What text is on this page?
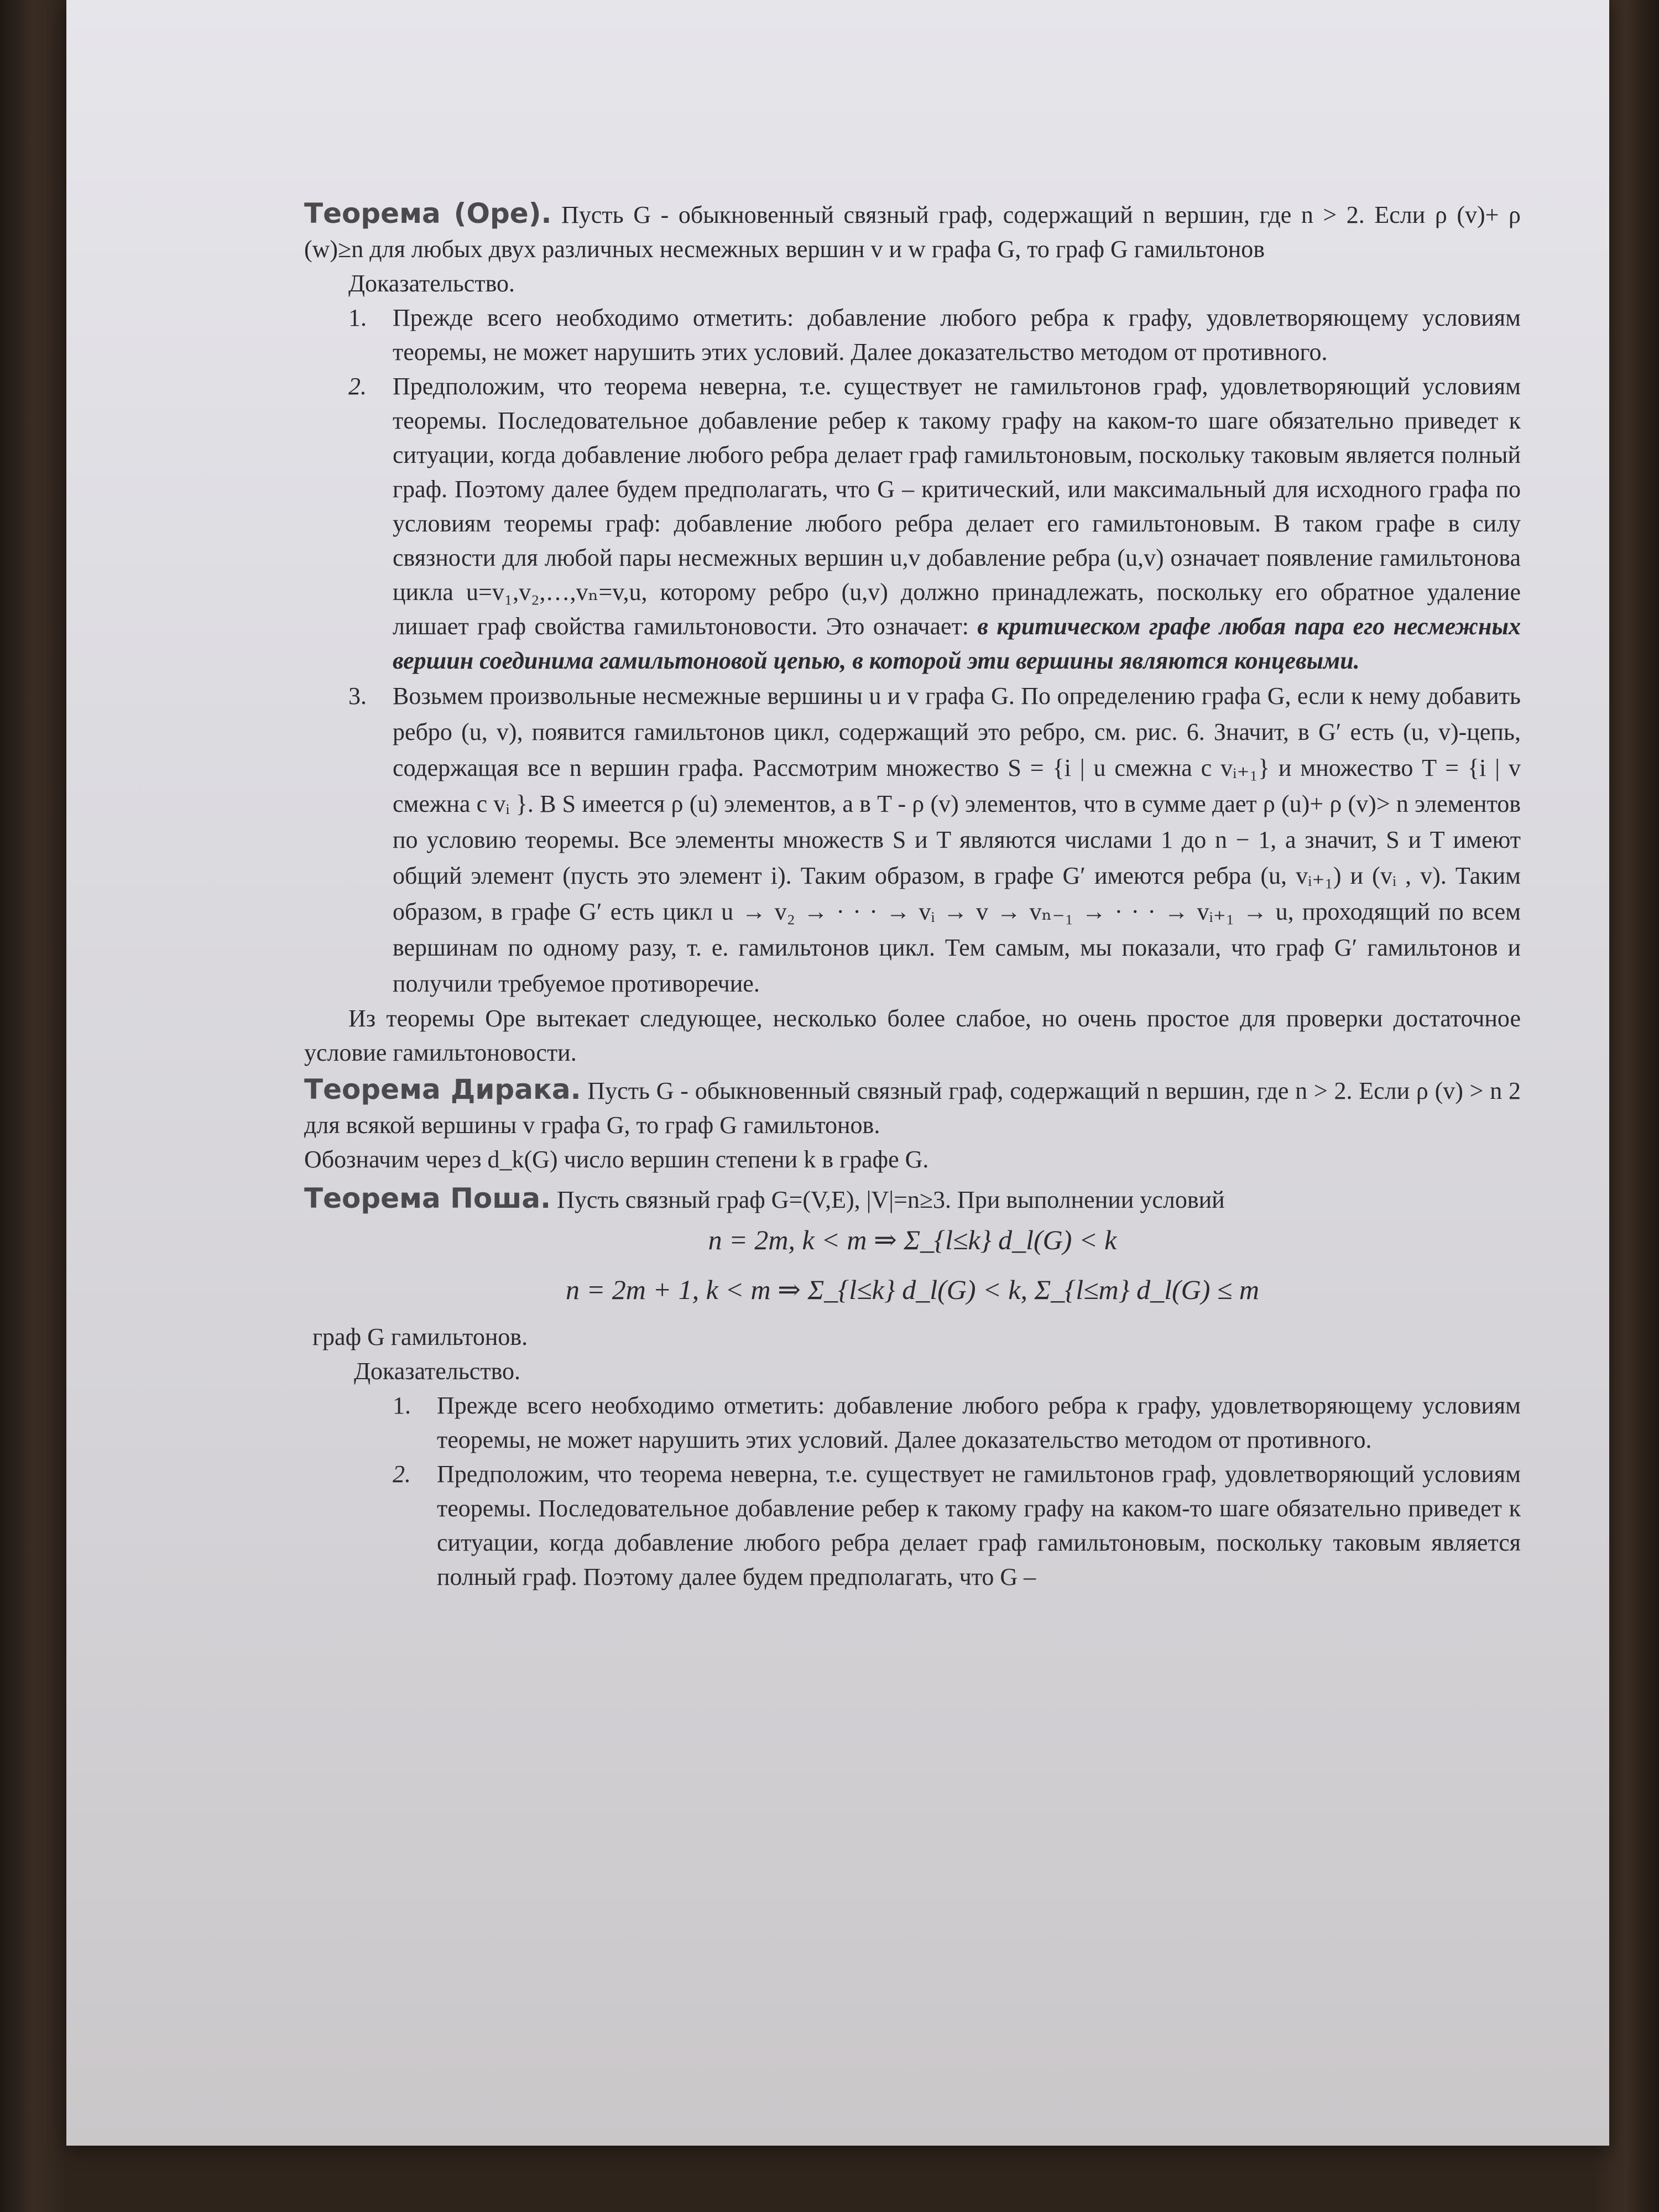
Теорема (Оре). Пусть G - обыкновенный связный граф, содержащий n вершин, где n > 2. Если ρ (v)+ ρ (w)≥n для любых двух различных несмежных вершин v и w графа G, то граф G гамильтонов

Доказательство.

1.	Прежде всего необходимо отметить: добавление любого ребра к графу, удовлетворяющему условиям теоремы, не может нарушить этих условий. Далее доказательство методом от противного.

2.	Предположим, что теорема неверна, т.е. существует не гамильтонов граф, удовлетворяющий условиям теоремы. Последовательное добавление ребер к такому графу на каком-то шаге обязательно приведет к ситуации, когда добавление любого ребра делает граф гамильтоновым, поскольку таковым является полный граф. Поэтому далее будем предполагать, что G – критический, или максимальный для исходного графа по условиям теоремы граф: добавление любого ребра делает его гамильтоновым. В таком графе в силу связности для любой пары несмежных вершин u,v добавление ребра (u,v) означает появление гамильтонова цикла u=v₁,v₂,…,vₙ=v,u, которому ребро (u,v) должно принадлежать, поскольку его обратное удаление лишает граф свойства гамильтоновости. Это означает: в критическом графе любая пара его несмежных вершин соединима гамильтоновой цепью, в которой эти вершины являются концевыми.

3.	Возьмем произвольные несмежные вершины u и v графа G. По определению графа G, если к нему добавить ребро (u, v), появится гамильтонов цикл, содержащий это ребро, см. рис. 6. Значит, в G′ есть (u, v)-цепь, содержащая все n вершин графа. Рассмотрим множество S = {i | u смежна с vᵢ₊₁} и множество T = {i | v смежна с vᵢ }. В S имеется ρ (u) элементов, а в T - ρ (v) элементов, что в сумме дает ρ (u)+ ρ (v)> n элементов по условию теоремы. Все элементы множеств S и T являются числами 1 до n − 1, а значит, S и T имеют общий элемент (пусть это элемент i). Таким образом, в графе G′ имеются ребра (u, vᵢ₊₁) и (vᵢ , v). Таким образом, в графе G′ есть цикл u → v₂ → · · · → vᵢ → v → vₙ₋₁ → · · · → vᵢ₊₁ → u, проходящий по всем вершинам по одному разу, т. е. гамильтонов цикл. Тем самым, мы показали, что граф G′ гамильтонов и получили требуемое противоречие.

Из теоремы Оре вытекает следующее, несколько более слабое, но очень простое для проверки достаточное условие гамильтоновости.

Теорема Дирака. Пусть G - обыкновенный связный граф, содержащий n вершин, где n > 2. Если ρ (v) > n 2 для всякой вершины v графа G, то граф G гамильтонов.

Обозначим через d_k(G) число вершин степени k в графе G.

Теорема Поша. Пусть связный граф G=(V,E), |V|=n≥3. При выполнении условий

n = 2m, k < m ⇒ Σ_{l≤k} d_l(G) < k
n = 2m + 1, k < m ⇒ Σ_{l≤k} d_l(G) < k, Σ_{l≤m} d_l(G) ≤ m

граф G гамильтонов.

Доказательство.

1.	Прежде всего необходимо отметить: добавление любого ребра к графу, удовлетворяющему условиям теоремы, не может нарушить этих условий. Далее доказательство методом от противного.

2.	Предположим, что теорема неверна, т.е. существует не гамильтонов граф, удовлетворяющий условиям теоремы. Последовательное добавление ребер к такому графу на каком-то шаге обязательно приведет к ситуации, когда добавление любого ребра делает граф гамильтоновым, поскольку таковым является полный граф. Поэтому далее будем предполагать, что G –
